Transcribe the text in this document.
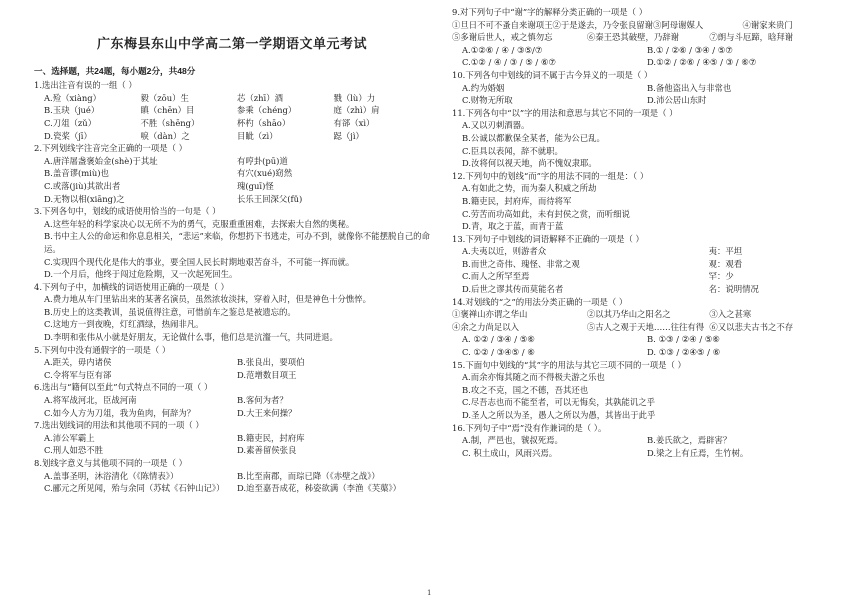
广东梅县东山中学高二第一学期语文单元考试
一、选择题，共24题，每小题2分，共48分
1.选出注音有误的一组（ ）
A.殓（xiàng）	毅（zōu）生	芯（zhī）酒	戮（lù）力
B.玉玦（jué）	瞋（chēn）目	参乘（chéng）	庭（zhì）肩
C.刀俎（zǔ）	不胜（shēng）	杯杓（shāo）	有郤（xì）
D.瓷桨（jī）	唳（dàn）之	目眦（zì）	跽（jì）
2.下列划线字注音完全正确的一项是（ ）
A.唐洋屠盏褒始金(shè)于其址	有哼卦(pū)道
B.盖音谬(miù)也	有穴(xué)窈然
C.或落(jiù)其欲出者	瑰(guī)怪
D.无物以相(xiāng)之	长乐王回深父(fǔ)
3.下列各句中，划线的成语使用恰当的一句是（ ）
A.这些年轻的科学家决心以无所不为的勇气，克服重重困难，去探索大自然的奥秘。
B.书中主人公的命运和你息息相关，“悲运”来临，你想扔下书逃走，可办不到，就像你不能摆脱自己的命运。
C.实现四个现代化是伟大的事业，要全国人民长时期地艰苦奋斗，不可能一挥而就。
D.一个月后，他终于闯过危险期，又一次起死回生。
4.下列句子中，加横线的词语使用正确的一项是（ ）
A.费力地从车门里钻出来的某著名演员，虽然浓妆淡抹，穿着入时，但是神色十分憔悴。
B.历史上的这类教训，虽说值得注意，可惜前车之鉴总是被遗忘的。
C.这地方一到夜晚，灯红酒绿，热闹非凡。
D.李明和张伟从小就是好朋友，无论做什么事，他们总是沆瀣一气，共同进退。
5.下列句中没有通假字的一项是（ ）
A.距关，毋内诸侯	B.张良出，要项伯
C.令将军与臣有郤	D.范增数目项王
6.选出与“籍何以至此”句式特点不同的一项（ ）
A.将军战河北，臣战河南	B.客何为者？
C.如今人方为刀俎，我为鱼肉，何辞为？	D.大王来何操？
7.选出划线词的用法和其他项不同的一项（ ）
A.沛公军霸上	B.籍吏民，封府库
C.刑人如恐不胜	D.素善留侯张良
8.划线字意义与其他项不同的一项是（ ）
A.盖事圣明，沐浴清化（《陈情表》）	B.比至南郡，而琮已降（《赤壁之战》）
C.郦元之所见闻，殆与余同（苏轼《石钟山记》）	D.迨至嘉吾成花，秭姿欲满（李渔《芙蕖》）
9.对下列句子中“谢”字的解释分类正确的一项是（ ）
①旦日不可不蚤自来谢项王 ②于是遂去，乃令张良留谢 ③阿母谢媒人	④谢家来贵门
⑤多谢后世人，戒之慎勿忘	⑥秦王恐其破壁，乃辞谢	⑦朗与斗厄蹄，晗拜谢
A.①②⑥ / ④ / ③⑤/⑦	B.① / ②⑥ / ③④ / ⑤⑦
C.①② / ④ / ③ / ⑤ / ⑥⑦	D.①② / ②⑥ / ④⑤ / ③ / ⑥⑦
10.下列各句中划线的词不属于古今异义的一项是（ ）
A.约为婚姻	B.备他盗出入与非常也
C.财物无所取	D.沛公居山东时
11.下列各句中“以”字的用法和意思与其它不同的一项是（ ）
A.又以刃刺酒器。
B.公诚以都歉保全某者，能为公已乱。
C.臣具以表闻，辞不就职。
D.汝将何以视天地，尚不愧奴隶耶。
12.下列句中的划线“而”字的用法不同的一组是：（ ）
A.有如此之势，而为秦人积威之所劫
B.籍吏民，封府库，而待将军
C.劳苦而功高如此，未有封侯之赏，而听细说
D.青，取之于蓝，而青于蓝
13.下列句子中划线的词语解释不正确的一项是（ ）
A.夫夷以近，则游者众	夷：平坦
B.而世之奇伟、瑰怪、非常之观	观：观看
C.而人之所罕至焉	罕：少
D.后世之谬其传而莫能名者	名：说明情况
14.对划线的“之”的用法分类正确的一项是（ ）
①褒禅山亦谓之华山	②以其乃华山之阳名之	③入之甚寒
④余之力尚足以入	⑤古人之观于天地……往往有得 ⑥又以悲夫古书之不存
A. ①② / ③④ / ⑤⑥	B. ①③ / ②④ / ⑤⑥
C. ①② / ③④⑤ / ⑥	D. ①③ / ②④⑤ / ⑥
15.下面句中划线的“其”字的用法与其它三项不同的一项是（ ）
A.而余亦悔其随之而不得极夫游之乐也
B.攻之不克，国之不德，吾其还也
C.尽吾志也而不能至者，可以无悔矣，其孰能讥之乎
D.圣人之所以为圣，愚人之所以为愚，其皆出于此乎
16.下列句子中“焉”没有作兼词的是（ ）。
A.制，严邑也，虢叔死焉。	B.姜氏欲之，焉辟害？
C. 积土成山，风雨兴焉。	D.梁之上有丘焉，生竹树。
1
